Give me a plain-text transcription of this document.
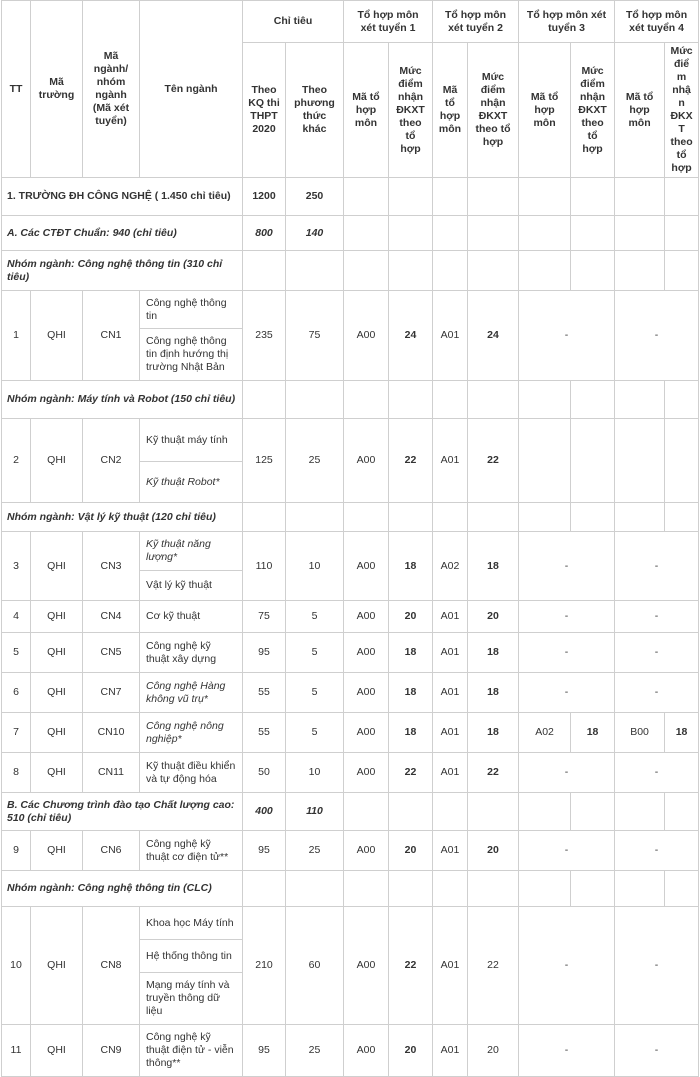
TT	Mã trường	Mã ngành/ nhóm ngành (Mã xét tuyển)	Tên ngành	Chỉ tiêu		Tổ hợp môn xét tuyển 1		Tổ hợp môn xét tuyển 2		Tổ hợp môn xét tuyển 3		Tổ hợp môn xét tuyển 4	
				Theo KQ thi THPT 2020	Theo phương thức khác	Mã tổ hợp môn	Mức điểm nhận ĐKXT theo tổ hợp	Mã tổ hợp môn	Mức điểm nhận ĐKXT theo tổ hợp	Mã tổ hợp môn	Mức điểm nhận ĐKXT theo tổ hợp	Mã tổ hợp môn	Mức điểm nhận ĐKXT theo tổ hợp
1. TRƯỜNG ĐH CÔNG NGHỆ ( 1.450 chỉ tiêu)				1200	250								
A. Các CTĐT Chuẩn: 940 (chỉ tiêu)				800	140								
Nhóm ngành: Công nghệ thông tin (310 chỉ tiêu)													
1	QHI	CN1	Công nghệ thông tin	235	75	A00	24	A01	24	-		-	
			Công nghệ thông tin định hướng thị trường Nhật Bản										
Nhóm ngành: Máy tính và Robot (150 chỉ tiêu)													
2	QHI	CN2	Kỹ thuật máy tính	125	25	A00	22	A01	22				
			Kỹ thuật Robot*										
Nhóm ngành: Vật lý kỹ thuật (120 chỉ tiêu)													
3	QHI	CN3	Kỹ thuật năng lượng*	110	10	A00	18	A02	18	-		-	
			Vật lý kỹ thuật										
4	QHI	CN4	Cơ kỹ thuật	75	5	A00	20	A01	20	-		-	
5	QHI	CN5	Công nghệ kỹ thuật xây dựng	95	5	A00	18	A01	18	-		-	
6	QHI	CN7	Công nghệ Hàng không vũ trụ*	55	5	A00	18	A01	18	-		-	
7	QHI	CN10	Công nghệ nông nghiệp*	55	5	A00	18	A01	18	A02	18	B00	18
8	QHI	CN11	Kỹ thuật điều khiển và tự động hóa	50	10	A00	22	A01	22	-		-	
B. Các Chương trình đào tạo Chất lượng cao: 510 (chỉ tiêu)				400	110								
9	QHI	CN6	Công nghệ kỹ thuật cơ điện tử**	95	25	A00	20	A01	20	-		-	
Nhóm ngành: Công nghệ thông tin (CLC)													
10	QHI	CN8	Khoa học Máy tính	210	60	A00	22	A01	22	-		-	
			Hệ thống thông tin										
			Mạng máy tính và truyền thông dữ liệu										
11	QHI	CN9	Công nghệ kỹ thuật điện tử - viễn thông**	95	25	A00	20	A01	20	-		-	
